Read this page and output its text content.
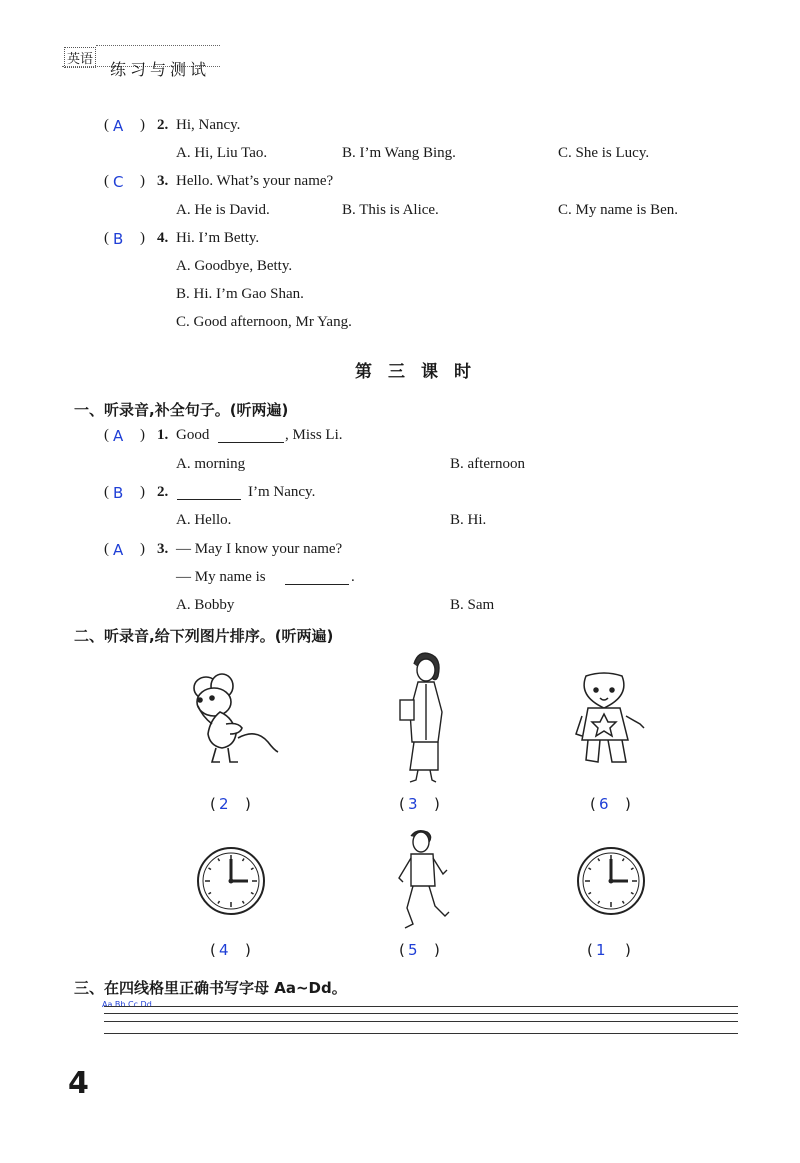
英语
练习与测试
( A ) 2. Hi, Nancy.
A. Hi, Liu Tao.	B. I’m Wang Bing.	C. She is Lucy.
( C ) 3. Hello. What’s your name?
A. He is David.	B. This is Alice.	C. My name is Ben.
( B ) 4. Hi. I’m Betty.
A. Goodbye, Betty.
B. Hi. I’m Gao Shan.
C. Good afternoon, Mr Yang.
第三课时
一、听录音,补全句子。(听两遍)
( A ) 1. Good	, Miss Li.
A. morning	B. afternoon
( B ) 2.	I’m Nancy.
A. Hello.	B. Hi.
( A ) 3. — May I know your name?
— My name is	.
A. Bobby	B. Sam
二、听录音,给下列图片排序。(听两遍)
( 2 )	( 3 )	( 6 )
( 4 )	( 5 )	( 1 )
三、在四线格里正确书写字母 Aa~Dd。
Aa Bb Cc Dd
4
